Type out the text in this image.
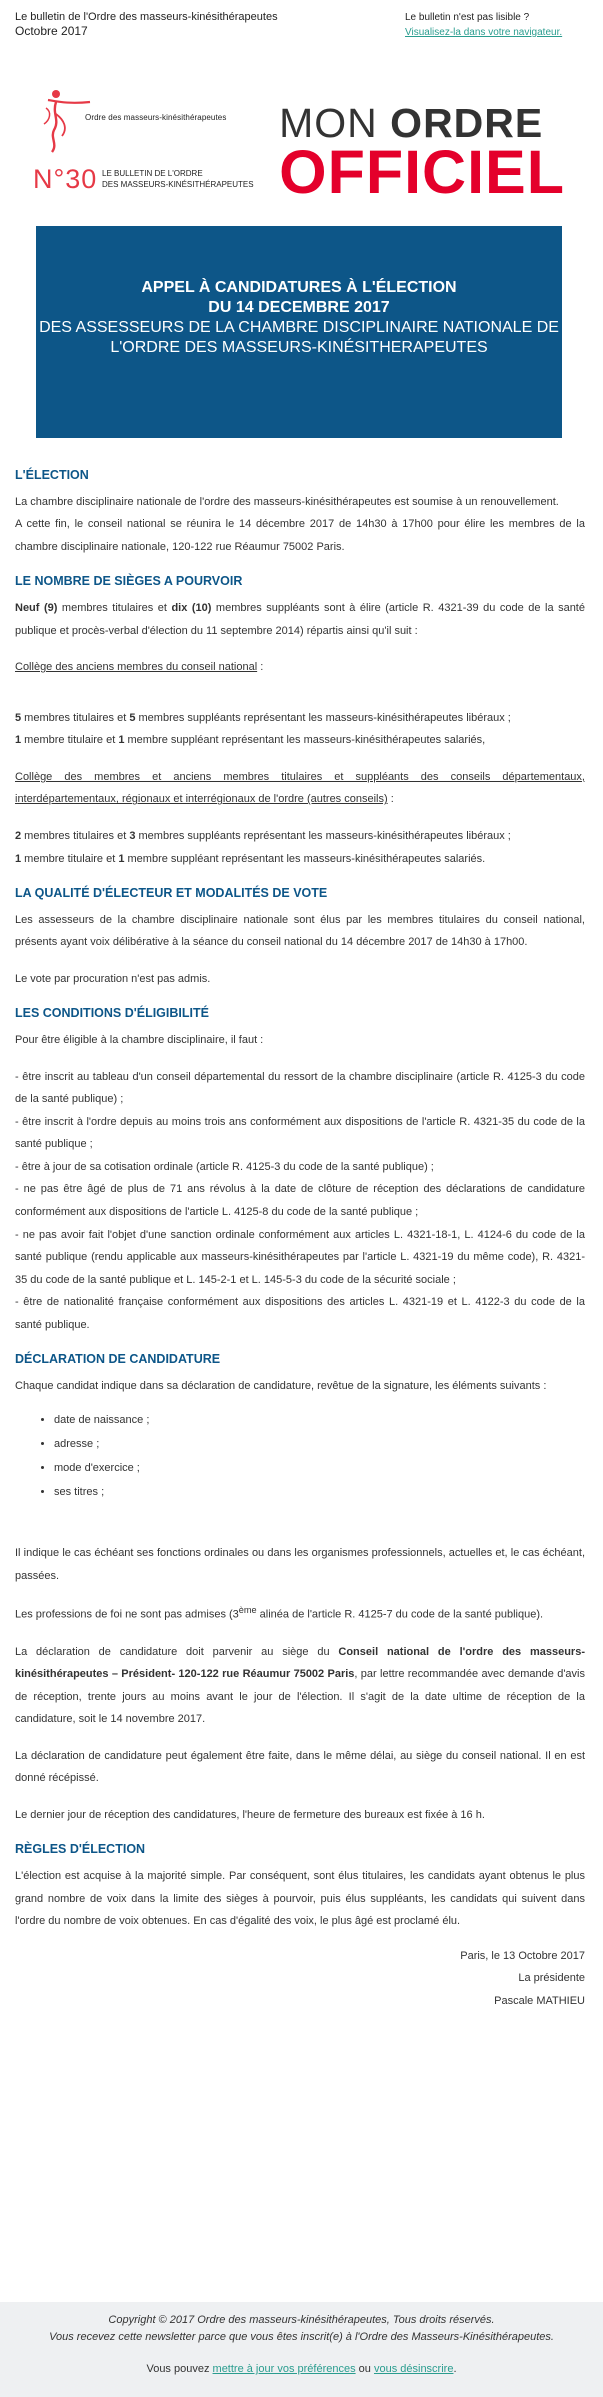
Le bulletin de l'Ordre des masseurs-kinésithérapeutes
Octobre 2017
Le bulletin n'est pas lisible ?
Visualisez-la dans votre navigateur.
Ordre des masseurs-kinésithérapeutes
N°30 LE BULLETIN DE L'ORDRE
DES MASSEURS-KINÉSITHÉRAPEUTES
MON ORDRE
OFFICIEL
APPEL À CANDIDATURES À L'ÉLECTION
DU 14 DECEMBRE 2017
DES ASSESSEURS DE LA CHAMBRE DISCIPLINAIRE NATIONALE DE L'ORDRE DES MASSEURS-KINÉSITHERAPEUTES
L'ÉLECTION

La chambre disciplinaire nationale de l'ordre des masseurs-kinésithérapeutes est soumise à un renouvellement.

A cette fin, le conseil national se réunira le 14 décembre 2017 de 14h30 à 17h00 pour élire les membres de la chambre disciplinaire nationale, 120-122 rue Réaumur 75002 Paris.

LE NOMBRE DE SIÈGES A POURVOIR

Neuf (9) membres titulaires et dix (10) membres suppléants sont à élire (article R. 4321-39 du code de la santé publique et procès-verbal d'élection du 11 septembre 2014) répartis ainsi qu'il suit :

Collège des anciens membres du conseil national :

5 membres titulaires et 5 membres suppléants représentant les masseurs-kinésithérapeutes libéraux ;

1 membre titulaire et 1 membre suppléant représentant les masseurs-kinésithérapeutes salariés,

Collège des membres et anciens membres titulaires et suppléants des conseils départementaux, interdépartementaux, régionaux et interrégionaux de l'ordre (autres conseils) :

2 membres titulaires et 3 membres suppléants représentant les masseurs-kinésithérapeutes libéraux ;

1 membre titulaire et 1 membre suppléant représentant les masseurs-kinésithérapeutes salariés.

LA QUALITÉ D'ÉLECTEUR ET MODALITÉS DE VOTE

Les assesseurs de la chambre disciplinaire nationale sont élus par les membres titulaires du conseil national, présents ayant voix délibérative à la séance du conseil national du 14 décembre 2017 de 14h30 à 17h00.

Le vote par procuration n'est pas admis.

LES CONDITIONS D'ÉLIGIBILITÉ

Pour être éligible à la chambre disciplinaire, il faut :

- être inscrit au tableau d'un conseil départemental du ressort de la chambre disciplinaire (article R. 4125-3 du code de la santé publique) ;

- être inscrit à l'ordre depuis au moins trois ans conformément aux dispositions de l'article R. 4321-35 du code de la santé publique ;

- être à jour de sa cotisation ordinale (article R. 4125-3 du code de la santé publique) ;

- ne pas être âgé de plus de 71 ans révolus à la date de clôture de réception des déclarations de candidature conformément aux dispositions de l'article L. 4125-8 du code de la santé publique ;

- ne pas avoir fait l'objet d'une sanction ordinale conformément aux articles L. 4321-18-1, L. 4124-6 du code de la santé publique (rendu applicable aux masseurs-kinésithérapeutes par l'article L. 4321-19 du même code), R. 4321-35 du code de la santé publique et L. 145-2-1 et L. 145-5-3 du code de la sécurité sociale ;

- être de nationalité française conformément aux dispositions des articles L. 4321-19 et L. 4122-3 du code de la santé publique.

DÉCLARATION DE CANDIDATURE

Chaque candidat indique dans sa déclaration de candidature, revêtue de la signature, les éléments suivants :

• date de naissance ;
• adresse ;
• mode d'exercice ;
• ses titres ;

Il indique le cas échéant ses fonctions ordinales ou dans les organismes professionnels, actuelles et, le cas échéant, passées.

Les professions de foi ne sont pas admises (3ème alinéa de l'article R. 4125-7 du code de la santé publique).

La déclaration de candidature doit parvenir au siège du Conseil national de l'ordre des masseurs-kinésithérapeutes – Président- 120-122 rue Réaumur 75002 Paris, par lettre recommandée avec demande d'avis de réception, trente jours au moins avant le jour de l'élection. Il s'agit de la date ultime de réception de la candidature, soit le 14 novembre 2017.

La déclaration de candidature peut également être faite, dans le même délai, au siège du conseil national. Il en est donné récépissé.

Le dernier jour de réception des candidatures, l'heure de fermeture des bureaux est fixée à 16 h.

RÈGLES D'ÉLECTION

L'élection est acquise à la majorité simple. Par conséquent, sont élus titulaires, les candidats ayant obtenus le plus grand nombre de voix dans la limite des sièges à pourvoir, puis élus suppléants, les candidats qui suivent dans l'ordre du nombre de voix obtenues. En cas d'égalité des voix, le plus âgé est proclamé élu.

Paris, le 13 Octobre 2017
La présidente
Pascale MATHIEU
Copyright © 2017 Ordre des masseurs-kinésithérapeutes, Tous droits réservés.
Vous recevez cette newsletter parce que vous êtes inscrit(e) à l'Ordre des Masseurs-Kinésithérapeutes.
Vous pouvez mettre à jour vos préférences ou vous désinscrire.
